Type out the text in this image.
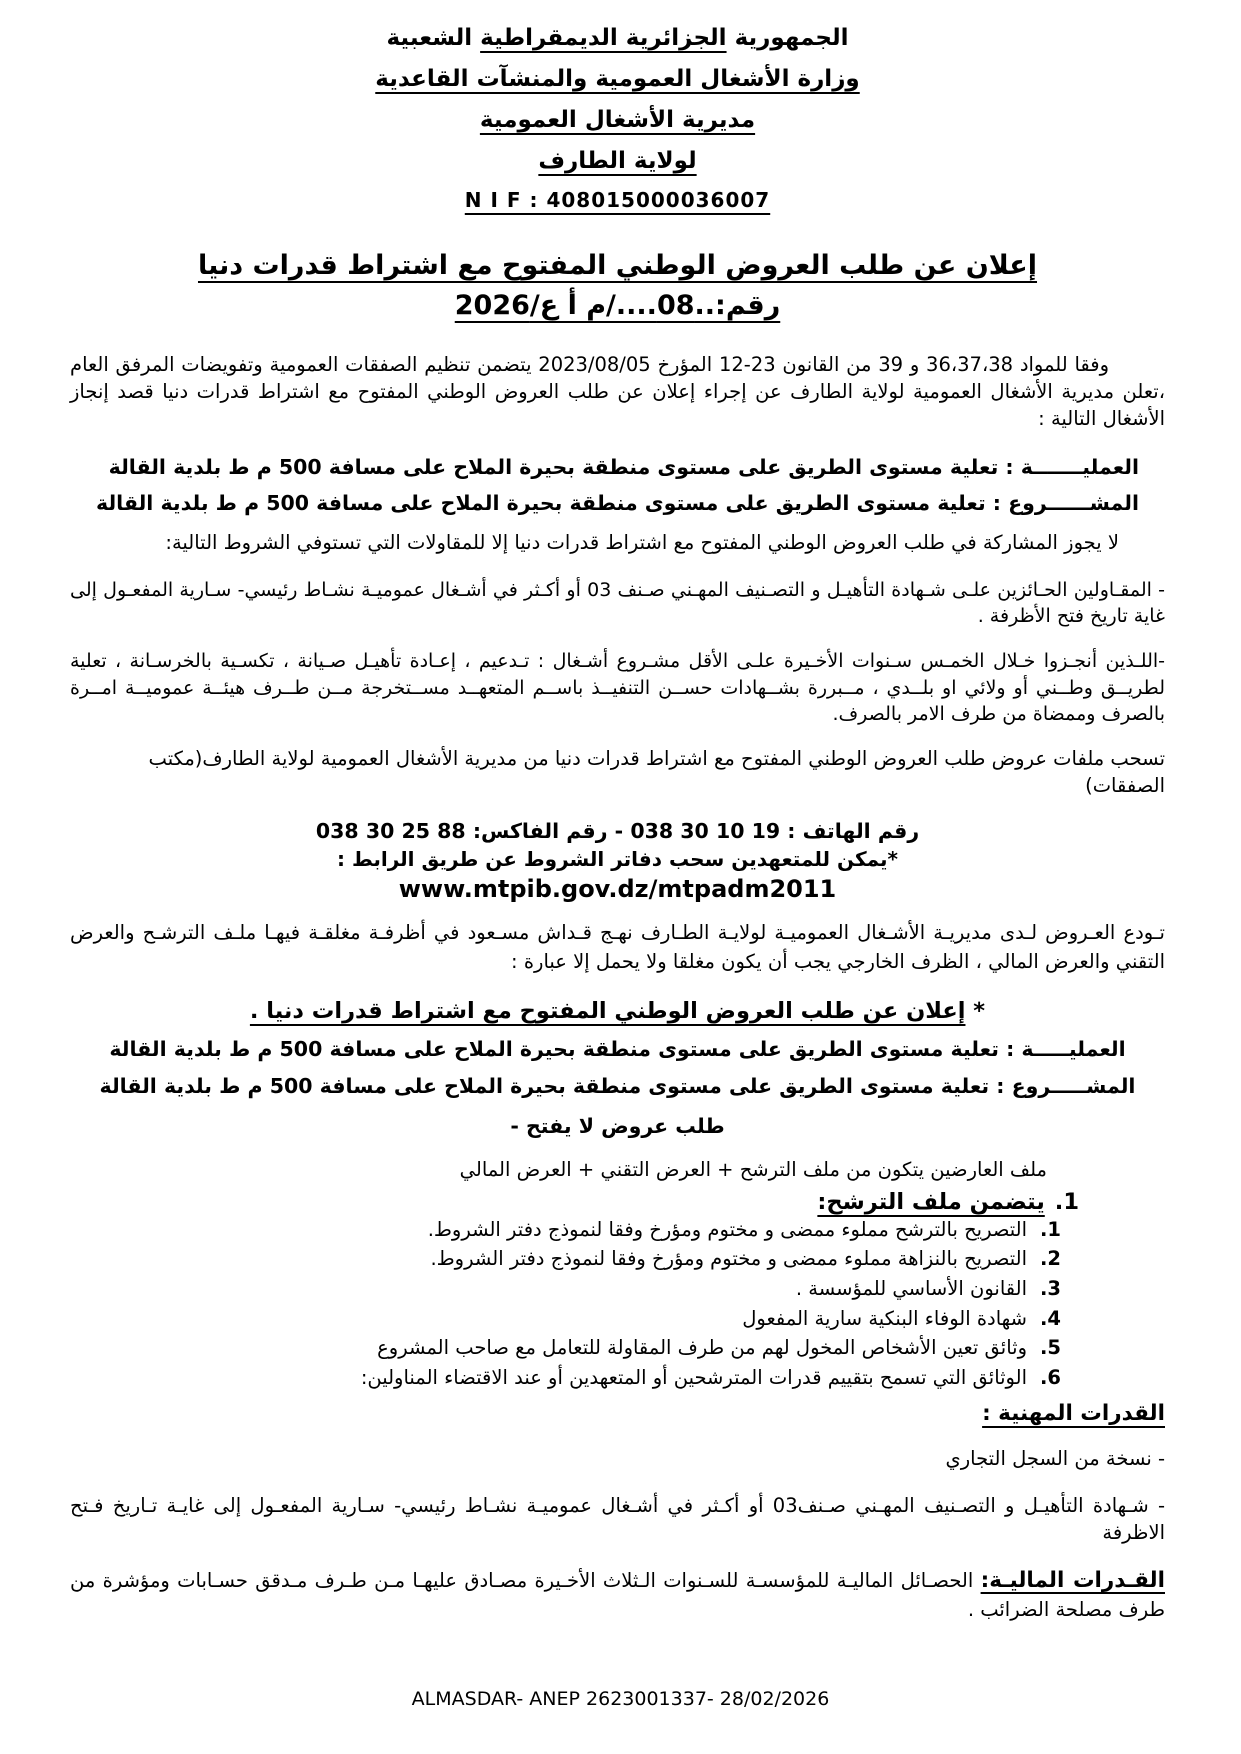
الجمهورية الجزائرية الديمقراطية الشعبية
وزارة الأشغال العمومية والمنشآت القاعدية
مديرية الأشغال العمومية
لولاية الطارف
N I F : 408015000036007
إعلان عن طلب العروض الوطني المفتوح مع اشتراط قدرات دنيا
رقم:..08..../م أ ع/2026

وفقا للمواد 36،37،38 و 39 من القانون 23-12 المؤرخ 2023/08/05 يتضمن تنظيم الصفقات العمومية وتفويضات المرفق العام ،تعلن مديرية الأشغال العمومية لولاية الطارف عن إجراء إعلان عن طلب العروض الوطني المفتوح مع اشتراط قدرات دنيا قصد إنجاز الأشغال التالية :

العمليـــــــة : تعلية مستوى الطريق على مستوى منطقة بحيرة الملاح على مسافة 500 م ط بلدية القالة
المشــــــروع : تعلية مستوى الطريق على مستوى منطقة بحيرة الملاح على مسافة 500 م ط بلدية القالة

لا يجوز المشاركة في طلب العروض الوطني المفتوح مع اشتراط قدرات دنيا إلا للمقاولات التي تستوفي الشروط التالية:

- المقـاولين الحـائزين علـى شـهادة التأهيـل و التصـنيف المهـني صـنف 03 أو أكـثر في أشـغال عموميـة نشـاط رئيسي- سـارية المفعـول إلى غاية تاريخ فتح الأظرفة .

-اللـذين أنجـزوا خـلال الخمـس سـنوات الأخـيرة علـى الأقل مشـروع أشـغال : تـدعيم ، إعـادة تأهيـل صـيانة ، تكسـية بالخرسـانة ، تعلية لطريــق وطــني أو ولائي او بلــدي ، مــبررة بشــهادات حســن التنفيــذ باســم المتعهــد مســتخرجة مــن طــرف هيئــة عموميــة امــرة بالصرف وممضاة من طرف الامر بالصرف.

تسحب ملفات عروض طلب العروض الوطني المفتوح مع اشتراط قدرات دنيا من مديرية الأشغال العمومية لولاية الطارف(مكتب الصفقات)

رقم الهاتف : 19 10 30 038 - رقم الفاكس: 88 25 30 038
*يمكن للمتعهدين سحب دفاتر الشروط عن طريق الرابط :
www.mtpib.gov.dz/mtpadm2011

تـودع العـروض لـدى مديريـة الأشـغال العموميـة لولايـة الطـارف نهـج قـداش مسـعود في أظرفـة مغلقـة فيهـا ملـف الترشـح والعرض التقني والعرض المالي ، الظرف الخارجي يجب أن يكون مغلقا ولا يحمل إلا عبارة :

* إعلان عن طلب العروض الوطني المفتوح مع اشتراط قدرات دنيا .
العمليـــــة : تعلية مستوى الطريق على مستوى منطقة بحيرة الملاح على مسافة 500 م ط بلدية القالة
المشـــــروع : تعلية مستوى الطريق على مستوى منطقة بحيرة الملاح على مسافة 500 م ط بلدية القالة
طلب عروض لا يفتح -
ملف العارضين يتكون من ملف الترشح + العرض التقني + العرض المالي
1.يتضمن ملف الترشح:
1.
التصريح بالترشح مملوء ممضى و مختوم ومؤرخ وفقا لنموذج دفتر الشروط.
2.
التصريح بالنزاهة مملوء ممضى و مختوم ومؤرخ وفقا لنموذج دفتر الشروط.
3.
القانون الأساسي للمؤسسة .
4.
شهادة الوفاء البنكية سارية المفعول
5.
وثائق تعين الأشخاص المخول لهم من طرف المقاولة للتعامل مع صاحب المشروع
6.
الوثائق التي تسمح بتقييم قدرات المترشحين أو المتعهدين أو عند الاقتضاء المناولين:
القدرات المهنية :

- نسخة من السجل التجاري

- شـهادة التأهيـل و التصـنيف المهـني صـنف03 أو أكـثر في أشـغال عموميـة نشـاط رئيسي- سـارية المفعـول إلى غايـة تـاريخ فـتح الاظرفة

القـدرات الماليـة: الحصـائل الماليـة للمؤسسـة للسـنوات الـثلاث الأخـيرة مصـادق عليهـا مـن طـرف مـدقق حسـابات ومؤشرة من طرف مصلحة الضرائب .

ALMASDAR- ANEP 2623001337- 28/02/2026
